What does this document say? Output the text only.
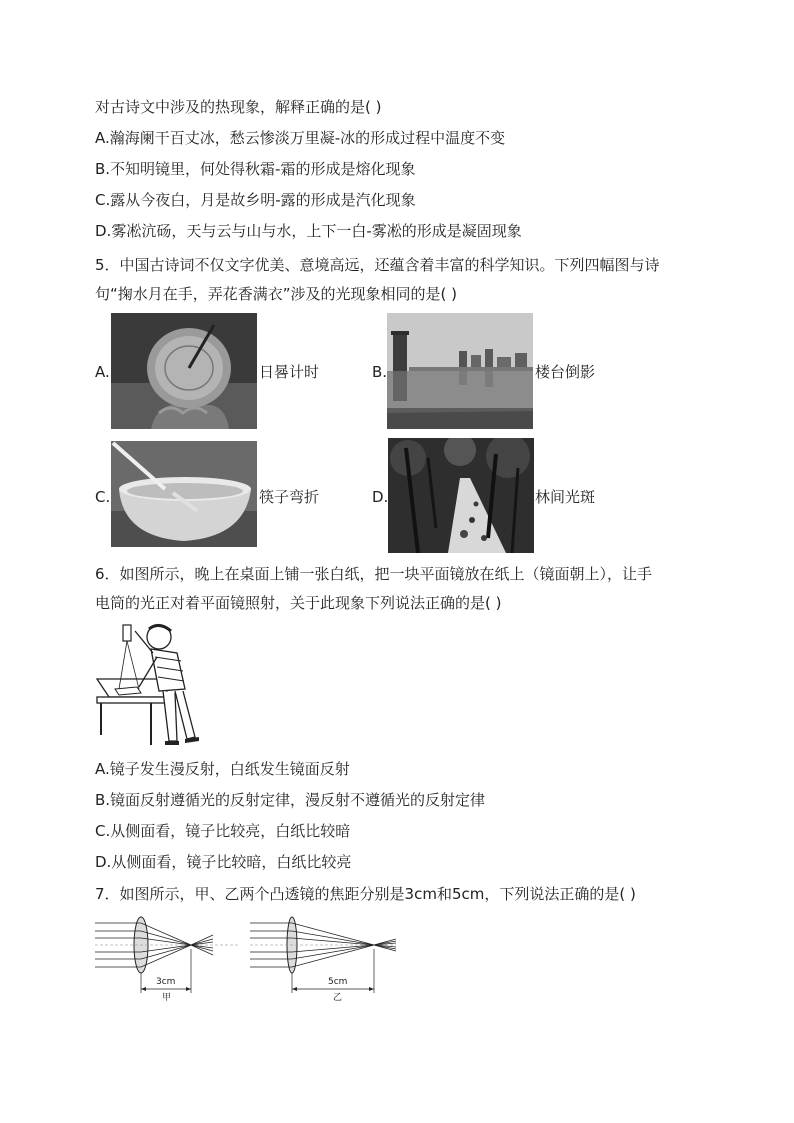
对古诗文中涉及的热现象，解释正确的是( )
A.瀚海阑干百丈冰，愁云惨淡万里凝-冰的形成过程中温度不变
B.不知明镜里，何处得秋霜-霜的形成是熔化现象
C.露从今夜白，月是故乡明-露的形成是汽化现象
D.雾凇沆砀，天与云与山与水，上下一白-雾凇的形成是凝固现象
5．中国古诗词不仅文字优美、意境高远，还蕴含着丰富的科学知识。下列四幅图与诗
句“掬水月在手，弄花香满衣”涉及的光现象相同的是( )
A.	日晷计时	B.	楼台倒影
C.	筷子弯折	D.	林间光斑
6．如图所示，晚上在桌面上铺一张白纸，把一块平面镜放在纸上（镜面朝上），让手
电筒的光正对着平面镜照射，关于此现象下列说法正确的是( )
A.镜子发生漫反射，白纸发生镜面反射
B.镜面反射遵循光的反射定律，漫反射不遵循光的反射定律
C.从侧面看，镜子比较亮，白纸比较暗
D.从侧面看，镜子比较暗，白纸比较亮
7．如图所示，甲、乙两个凸透镜的焦距分别是3cm和5cm，下列说法正确的是( )
3cm
甲
5cm
乙
